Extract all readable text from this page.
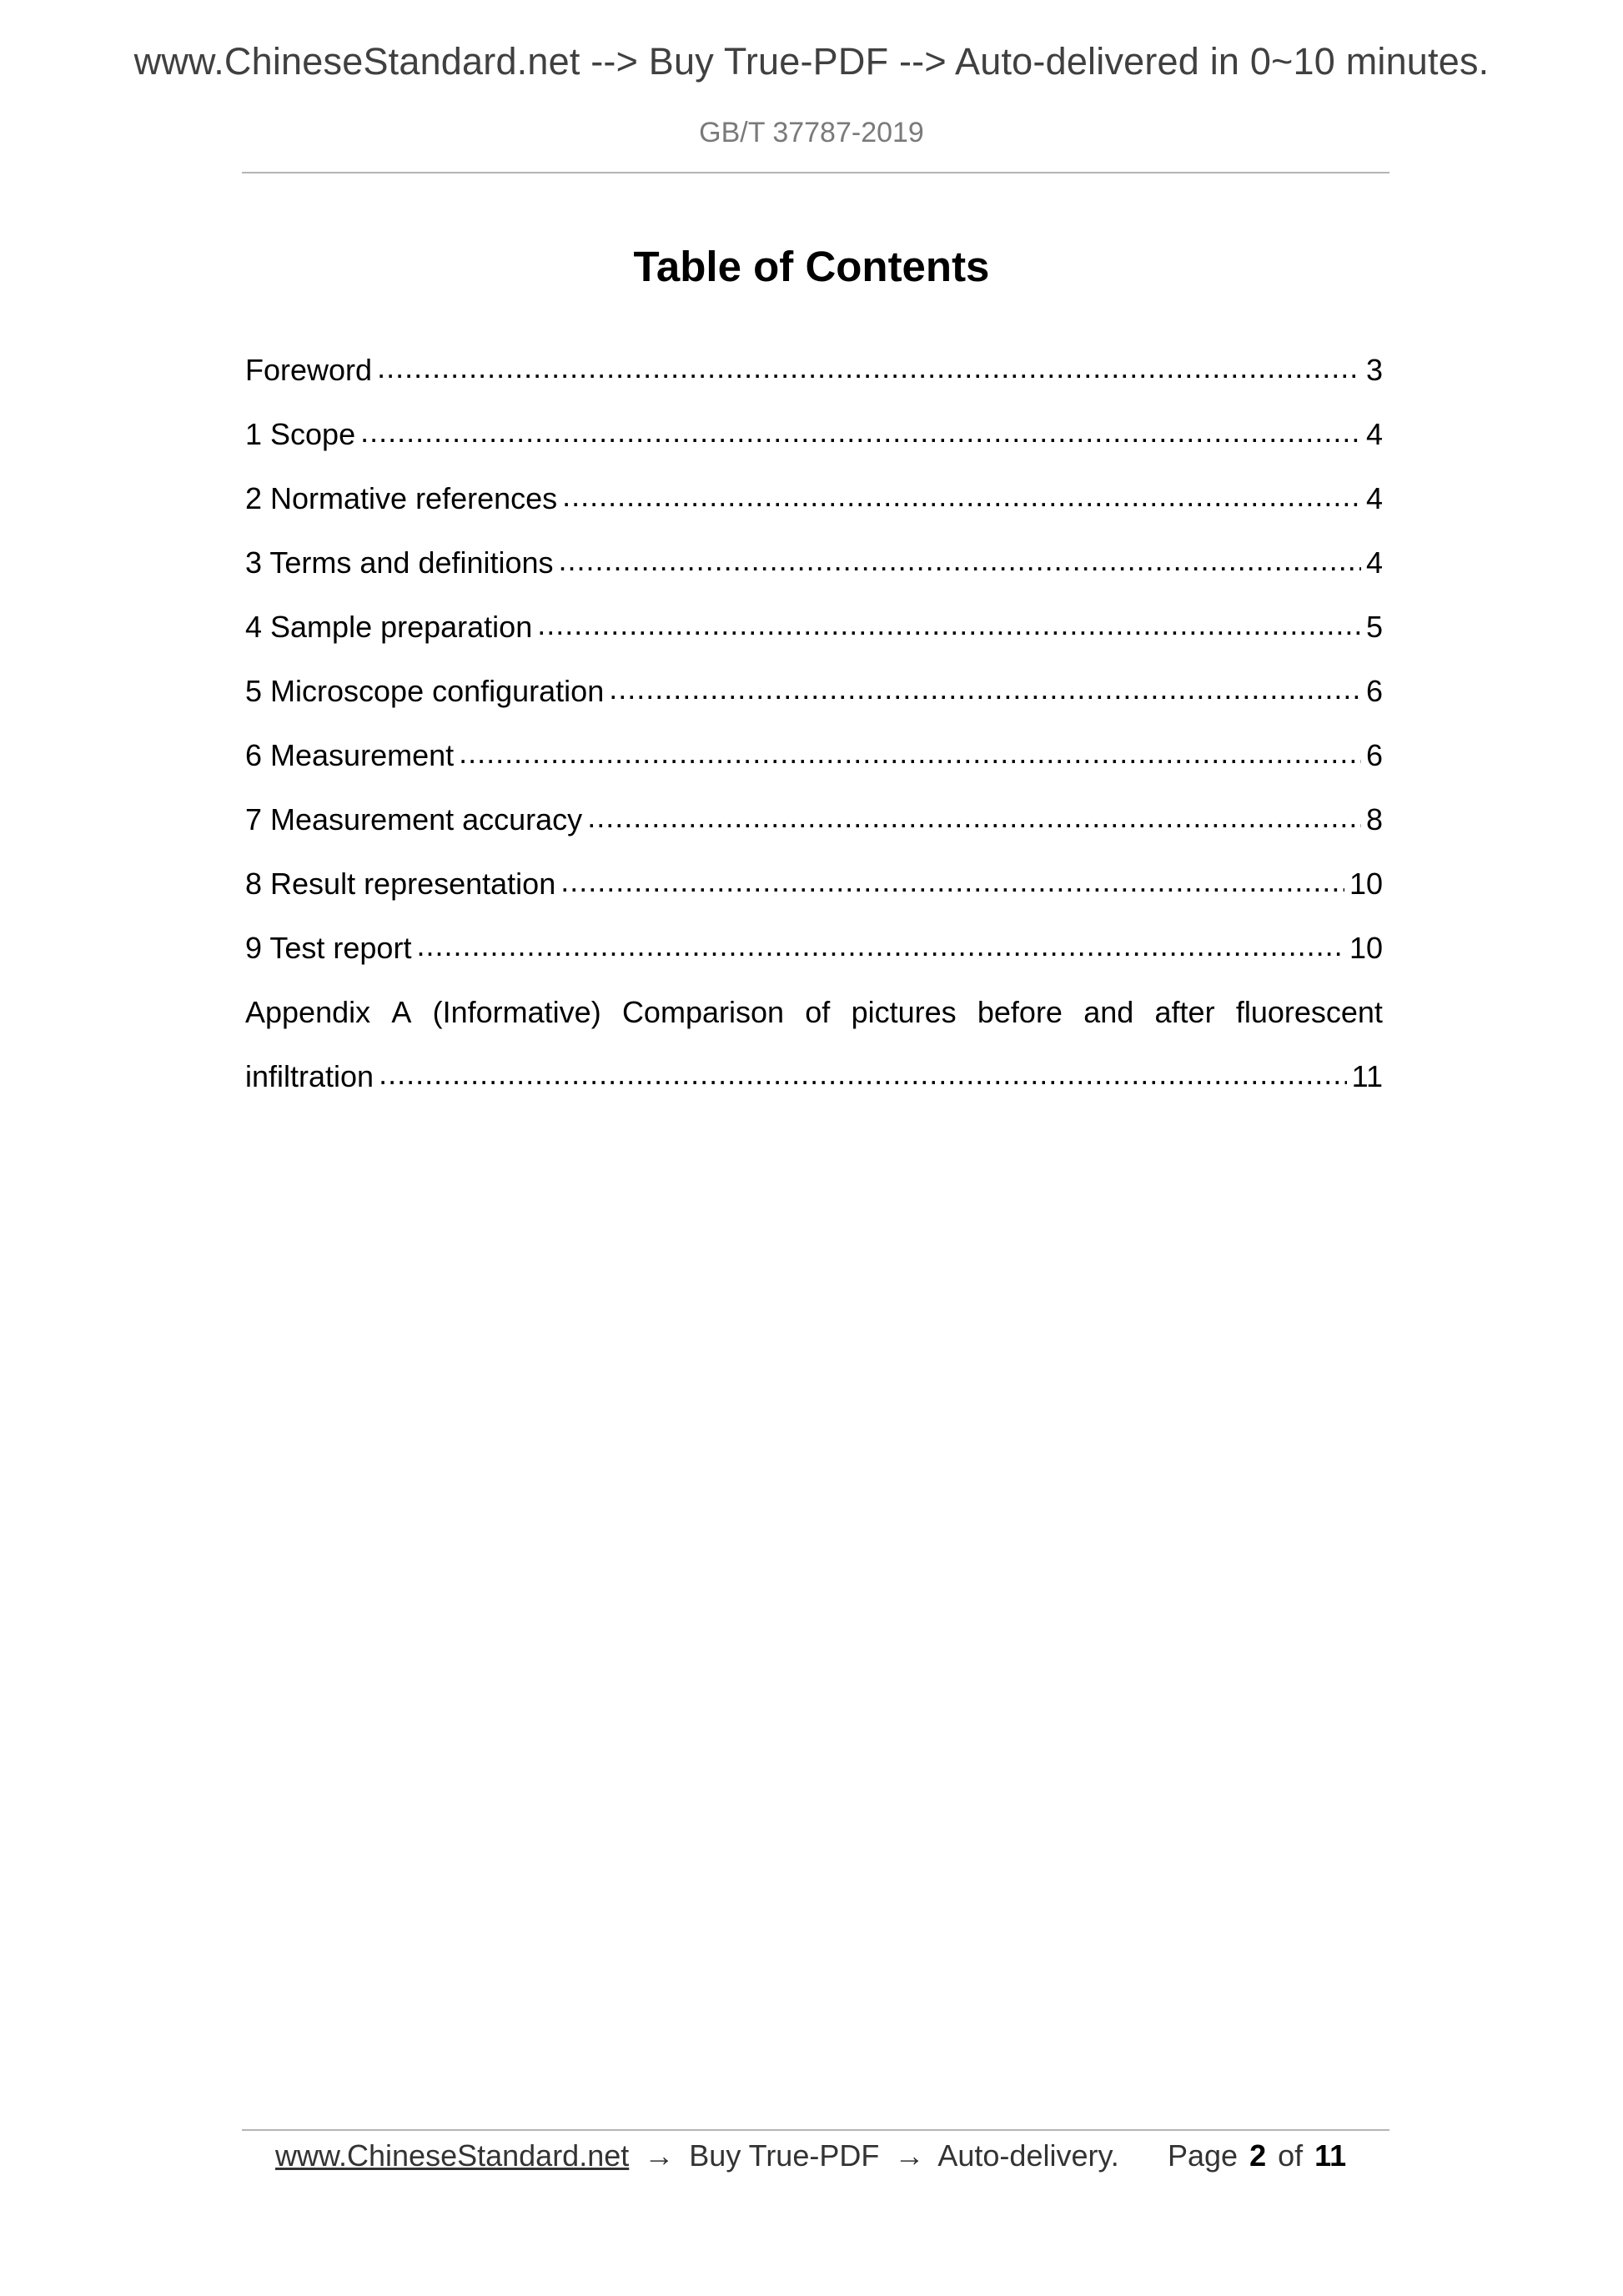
www.ChineseStandard.net --> Buy True-PDF --> Auto-delivered in 0~10 minutes.
GB/T 37787-2019
Table of Contents
Foreword .....	3
1 Scope .....	4
2 Normative references .....	4
3 Terms and definitions .....	4
4 Sample preparation .....	5
5 Microscope configuration .....	6
6 Measurement .....	6
7 Measurement accuracy .....	8
8 Result representation .....	10
9 Test report .....	10
Appendix A (Informative) Comparison of pictures before and after fluorescent
infiltration .....	11
www.ChineseStandard.net → Buy True-PDF → Auto-delivery. Page 2 of 11
